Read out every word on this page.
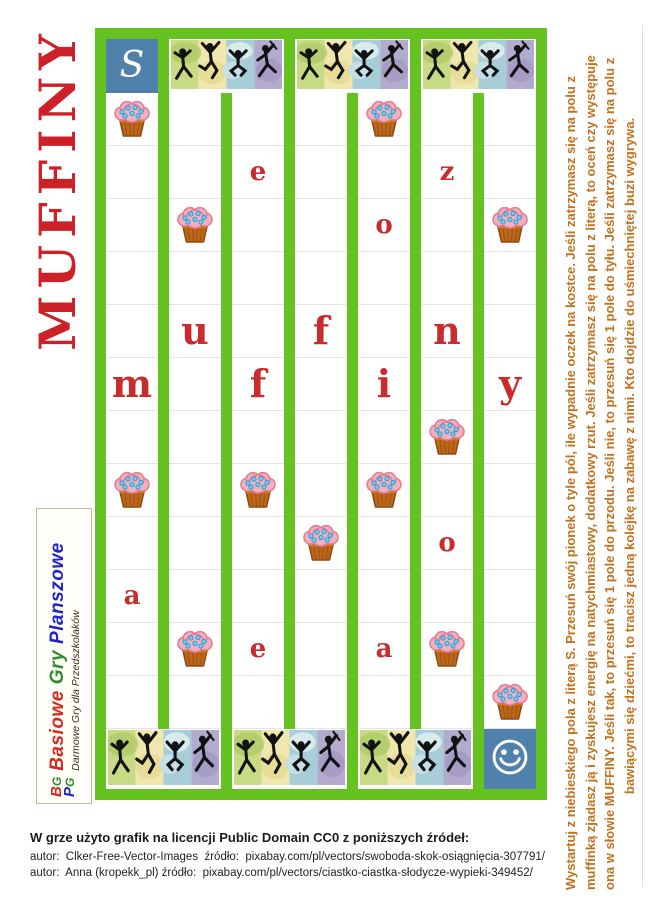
MUFFINY
m
a
u
e
f
e
f
o
i
a
z
n
o
y
S
BG
PG
BasioweGryPlanszowe
Darmowe Gry dla Przedszkolaków	Wystartuj z niebieskiego pola z literą S. Przesuń swój pionek o tyle pól, ile wypadnie oczek na kostce. Jeśli zatrzymasz się na polu z muffinką zjadasz ją i zyskujesz energię na natychmiastowy, dodatkowy rzut. Jeśli zatrzymasz się na polu z literą, to oceń czy występuje ona w słowie MUFFINY. Jeśli tak, to przesuń się 1 pole do przodu. Jeśli nie, to przesuń się 1 pole do tyłu. Jeśli zatrzymasz się na polu z bawiącymi się dziećmi, to tracisz jedną kolejkę na zabawę z nimi. Kto dojdzie do uśmiechniętej buzi wygrywa.
W grze użyto grafik na licencji Public Domain CC0 z poniższych źródeł:
autor:  Clker-Free-Vector-Images  źródło:  pixabay.com/pl/vectors/swoboda-skok-osiągnięcia-307791/
autor:  Anna (kropekk_pl) źródło:  pixabay.com/pl/vectors/ciastko-ciastka-słodycze-wypieki-349452/
